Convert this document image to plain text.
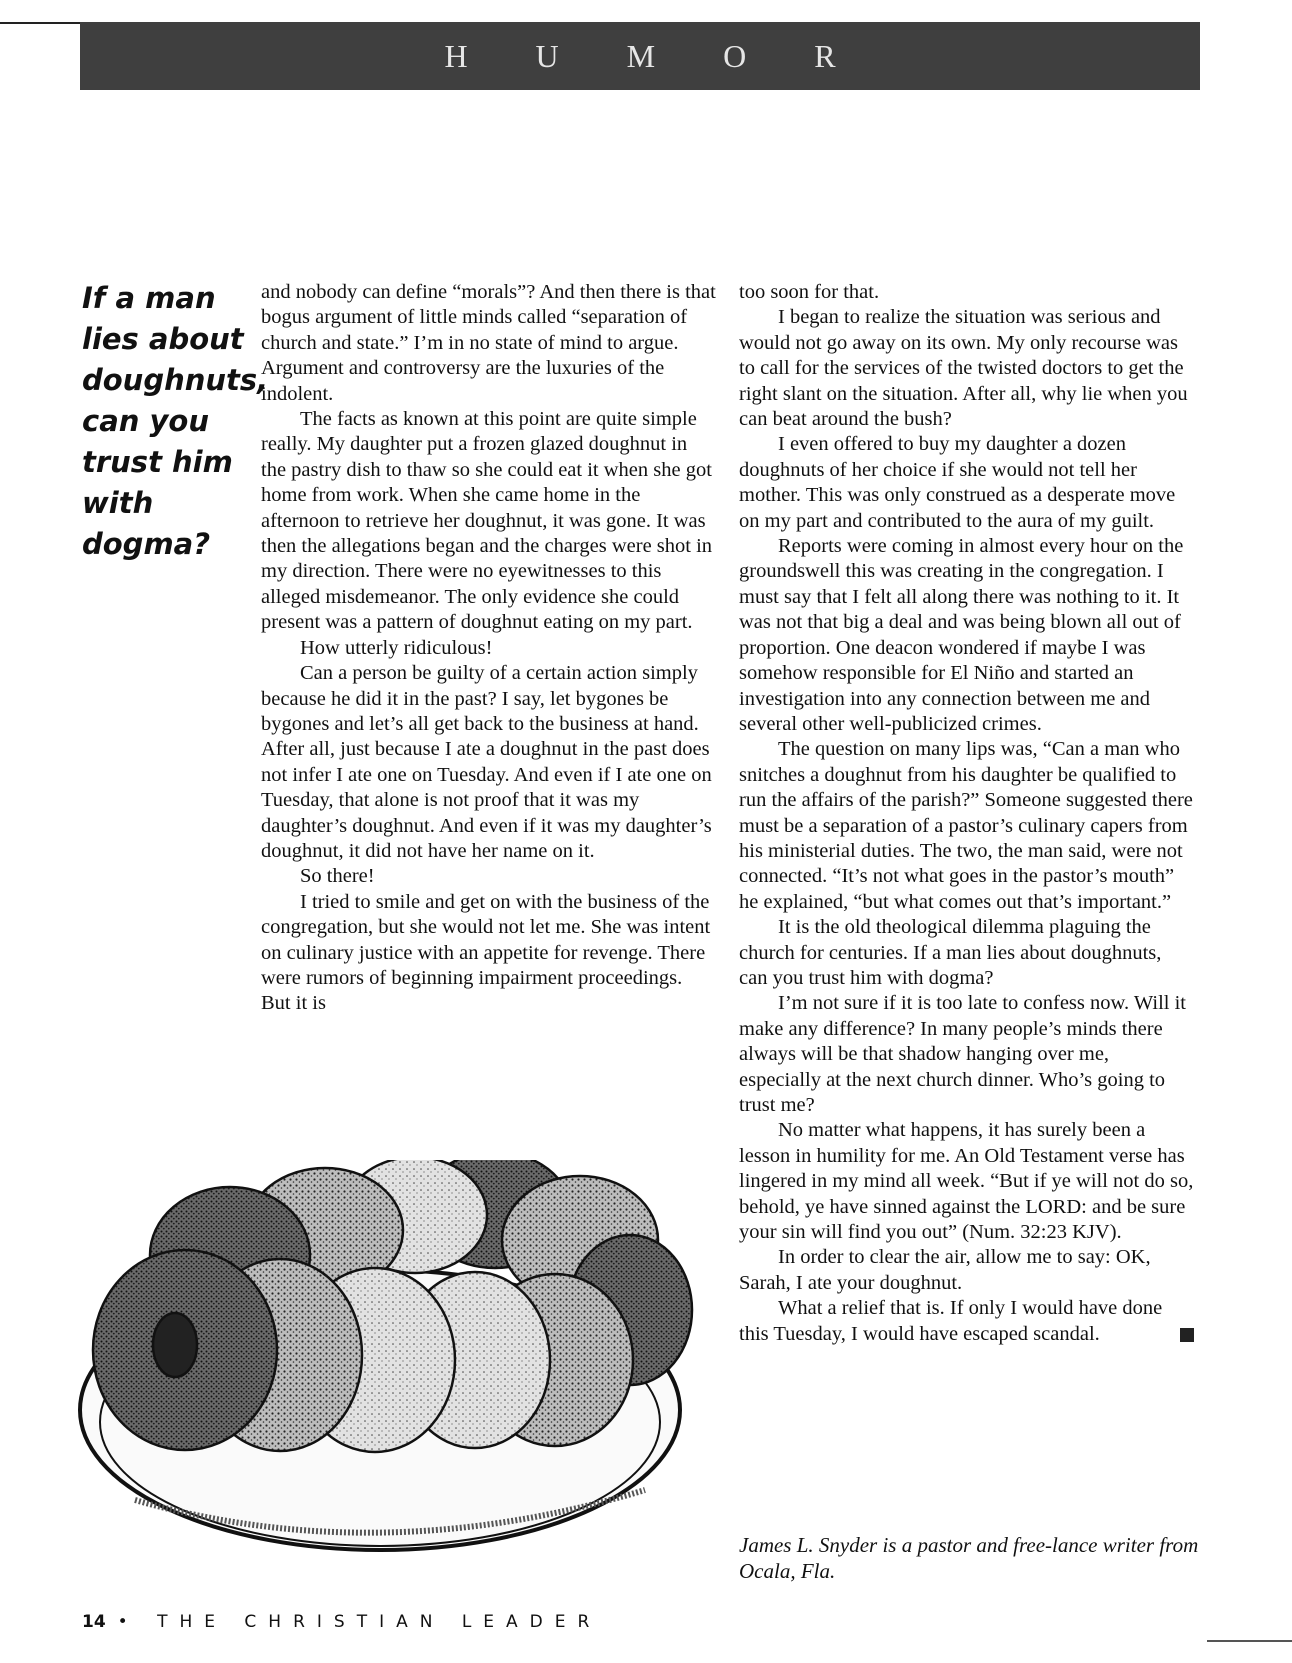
H U M O R
If a man
lies about
doughnuts,
can you
trust him
with
dogma?

and nobody can define “morals”? And then there is that bogus argument of little minds called “separation of church and state.” I’m in no state of mind to argue. Argument and controversy are the luxuries of the indolent.

The facts as known at this point are quite simple really. My daughter put a frozen glazed doughnut in the pastry dish to thaw so she could eat it when she got home from work. When she came home in the afternoon to retrieve her doughnut, it was gone. It was then the allegations began and the charges were shot in my direction. There were no eyewitnesses to this alleged misdemeanor. The only evidence she could present was a pattern of doughnut eating on my part.

How utterly ridiculous!

Can a person be guilty of a certain action simply because he did it in the past? I say, let bygones be bygones and let’s all get back to the business at hand. After all, just because I ate a doughnut in the past does not infer I ate one on Tuesday. And even if I ate one on Tuesday, that alone is not proof that it was my daughter’s doughnut. And even if it was my daughter’s doughnut, it did not have her name on it.

So there!

I tried to smile and get on with the business of the congregation, but she would not let me. She was intent on culinary justice with an appetite for revenge. There were rumors of beginning impairment proceedings. But it is

too soon for that.

I began to realize the situation was serious and would not go away on its own. My only recourse was to call for the services of the twisted doctors to get the right slant on the situation. After all, why lie when you can beat around the bush?

I even offered to buy my daughter a dozen doughnuts of her choice if she would not tell her mother. This was only construed as a desperate move on my part and contributed to the aura of my guilt.

Reports were coming in almost every hour on the groundswell this was creating in the congregation. I must say that I felt all along there was nothing to it. It was not that big a deal and was being blown all out of proportion. One deacon wondered if maybe I was somehow responsible for El Niño and started an investigation into any connection between me and several other well-publicized crimes.

The question on many lips was, “Can a man who snitches a doughnut from his daughter be qualified to run the affairs of the parish?” Someone suggested there must be a separation of a pastor’s culinary capers from his ministerial duties. The two, the man said, were not connected. “It’s not what goes in the pastor’s mouth” he explained, “but what comes out that’s important.”

It is the old theological dilemma plaguing the church for centuries. If a man lies about doughnuts, can you trust him with dogma?

I’m not sure if it is too late to confess now. Will it make any difference? In many people’s minds there always will be that shadow hanging over me, especially at the next church dinner. Who’s going to trust me?

No matter what happens, it has surely been a lesson in humility for me. An Old Testament verse has lingered in my mind all week. “But if ye will not do so, behold, ye have sinned against the LORD: and be sure your sin will find you out” (Num. 32:23 KJV).

In order to clear the air, allow me to say: OK, Sarah, I ate your doughnut.

What a relief that is. If only I would have done this Tuesday, I would have escaped scandal.

James L. Snyder is a pastor and free-lance writer from Ocala, Fla.
14 • THE CHRISTIAN LEADER
